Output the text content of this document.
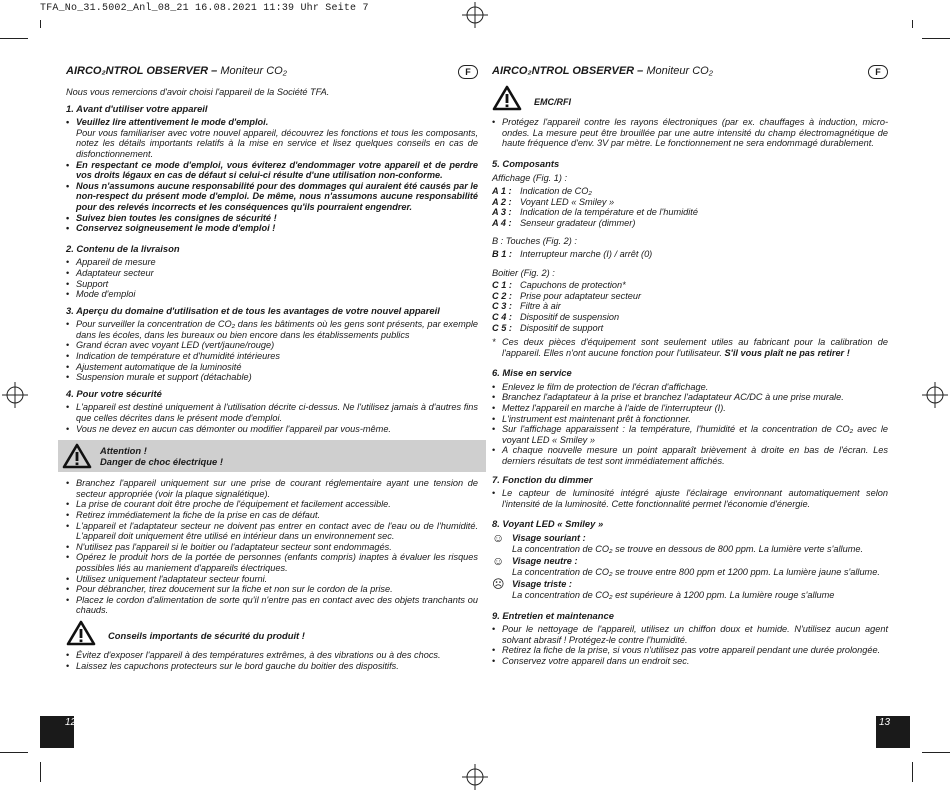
TFA_No_31.5002_Anl_08_21 16.08.2021 11:39 Uhr Seite 7
AIRCO₂NTROL OBSERVER – Moniteur CO₂	F
Nous vous remercions d'avoir choisi l'appareil de la Société TFA.
1. Avant d'utiliser votre appareil
• Veuillez lire attentivement le mode d'emploi.
Pour vous familiariser avec votre nouvel appareil, découvrez les fonctions et tous les composants, notez les détails importants relatifs à la mise en service et lisez quelques conseils en cas de disfonctionnement.
• En respectant ce mode d'emploi, vous éviterez d'endommager votre appareil et de perdre vos droits légaux en cas de défaut si celui-ci résulte d'une utilisation non-conforme.
• Nous n'assumons aucune responsabilité pour des dommages qui auraient été causés par le non-respect du présent mode d'emploi. De même, nous n'assumons aucune responsabilité pour des relevés incorrects et les conséquences qu'ils pourraient engendrer.
• Suivez bien toutes les consignes de sécurité !
• Conservez soigneusement le mode d'emploi !
2. Contenu de la livraison
• Appareil de mesure
• Adaptateur secteur
• Support
• Mode d'emploi
3. Aperçu du domaine d'utilisation et de tous les avantages de votre nouvel appareil
• Pour surveiller la concentration de CO₂ dans les bâtiments où les gens sont présents, par exemple dans les écoles, dans les bureaux ou bien encore dans les établissements publics
• Grand écran avec voyant LED (vert/jaune/rouge)
• Indication de température et d'humidité intérieures
• Ajustement automatique de la luminosité
• Suspension murale et support (détachable)
4. Pour votre sécurité
• L'appareil est destiné uniquement à l'utilisation décrite ci-dessus. Ne l'utilisez jamais à d'autres fins que celles décrites dans le présent mode d'emploi.
• Vous ne devez en aucun cas démonter ou modifier l'appareil par vous-même.
Attention !
Danger de choc électrique !
• Branchez l'appareil uniquement sur une prise de courant réglementaire ayant une tension de secteur appropriée (voir la plaque signalétique).
• La prise de courant doit être proche de l'équipement et facilement accessible.
• Retirez immédiatement la fiche de la prise en cas de défaut.
• L'appareil et l'adaptateur secteur ne doivent pas entrer en contact avec de l'eau ou de l'humidité. L'appareil doit uniquement être utilisé en intérieur dans un environnement sec.
• N'utilisez pas l'appareil si le boitier ou l'adaptateur secteur sont endommagés.
• Opérez le produit hors de la portée de personnes (enfants compris) inaptes à évaluer les risques possibles liés au maniement d'appareils électriques.
• Utilisez uniquement l'adaptateur secteur fourni.
• Pour débrancher, tirez doucement sur la fiche et non sur le cordon de la prise.
• Placez le cordon d'alimentation de sorte qu'il n'entre pas en contact avec des objets tranchants ou chauds.
Conseils importants de sécurité du produit !
• Évitez d'exposer l'appareil à des températures extrêmes, à des vibrations ou à des chocs.
• Laissez les capuchons protecteurs sur le bord gauche du boitier des dispositifs.
AIRCO₂NTROL OBSERVER – Moniteur CO₂	F
EMC/RFI
• Protégez l'appareil contre les rayons électroniques (par ex. chauffages à induction, micro-ondes. La mesure peut être brouillée par une autre intensité du champ électromagnétique de haute fréquence d'env. 3V par mètre. Le fonctionnement ne sera endommagé durablement.
5. Composants
Affichage (Fig. 1) :
A 1 : Indication de CO₂
A 2 : Voyant LED « Smiley »
A 3 : Indication de la température et de l'humidité
A 4 : Senseur gradateur (dimmer)
B : Touches (Fig. 2) :
B 1 : Interrupteur marche (I) / arrêt (0)
Boitier (Fig. 2) :
C 1 : Capuchons de protection*
C 2 : Prise pour adaptateur secteur
C 3 : Filtre à air
C 4 : Dispositif de suspension
C 5 : Dispositif de support
* Ces deux pièces d'équipement sont seulement utiles au fabricant pour la calibration de l'appareil. Elles n'ont aucune fonction pour l'utilisateur. S'il vous plaît ne pas retirer !
6. Mise en service
• Enlevez le film de protection de l'écran d'affichage.
• Branchez l'adaptateur à la prise et branchez l'adaptateur AC/DC à une prise murale.
• Mettez l'appareil en marche à l'aide de l'interrupteur (I).
• L'instrument est maintenant prêt à fonctionner.
• Sur l'affichage apparaissent : la température, l'humidité et la concentration de CO₂ avec le voyant LED « Smiley »
• A chaque nouvelle mesure un point apparaît brièvement à droite en bas de l'écran. Les derniers résultats de test sont immédiatement affichés.
7. Fonction du dimmer
• Le capteur de luminosité intégré ajuste l'éclairage environnant automatiquement selon l'intensité de la luminosité. Cette fonctionnalité permet l'économie d'énergie.
8. Voyant LED « Smiley »
☺ Visage souriant :
La concentration de CO₂ se trouve en dessous de 800 ppm. La lumière verte s'allume.
☺ Visage neutre :
La concentration de CO₂ se trouve entre 800 ppm et 1200 ppm. La lumière jaune s'allume.
☹ Visage triste :
La concentration de CO₂ est supérieure à 1200 ppm. La lumière rouge s'allume
9. Entretien et maintenance
• Pour le nettoyage de l'appareil, utilisez un chiffon doux et humide. N'utilisez aucun agent solvant abrasif ! Protégez-le contre l'humidité.
• Retirez la fiche de la prise, si vous n'utilisez pas votre appareil pendant une durée prolongée.
• Conservez votre appareil dans un endroit sec.
12	13
